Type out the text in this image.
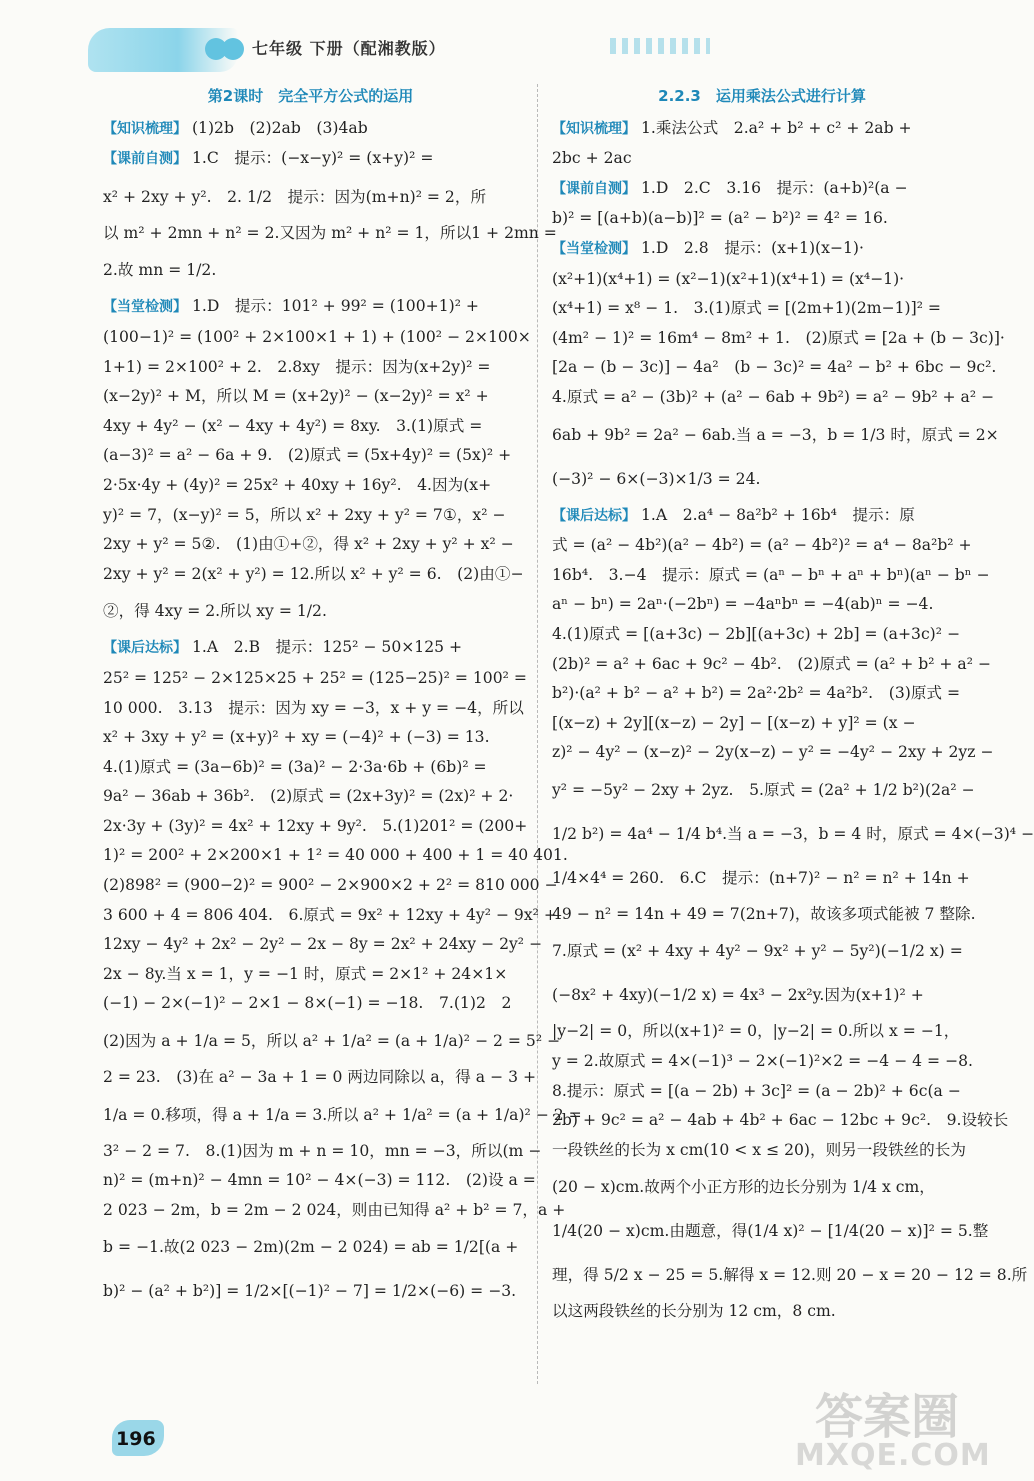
七年级 下册（配湘教版）
第2课时　完全平方公式的运用
【知识梳理】 (1)2b　(2)2ab　(3)4ab
【课前自测】 1.C　提示：(−x−y)² = (x+y)² =
x² + 2xy + y².　2. 1/2　提示：因为(m+n)² = 2，所
以 m² + 2mn + n² = 2.又因为 m² + n² = 1，所以1 + 2mn =
2.故 mn = 1/2.
【当堂检测】 1.D　提示：101² + 99² = (100+1)² +
(100−1)² = (100² + 2×100×1 + 1) + (100² − 2×100×
1+1) = 2×100² + 2.　2.8xy　提示：因为(x+2y)² =
(x−2y)² + M，所以 M = (x+2y)² − (x−2y)² = x² +
4xy + 4y² − (x² − 4xy + 4y²) = 8xy.　3.(1)原式 =
(a−3)² = a² − 6a + 9.　(2)原式 = (5x+4y)² = (5x)² +
2·5x·4y + (4y)² = 25x² + 40xy + 16y².　4.因为(x+
y)² = 7，(x−y)² = 5，所以 x² + 2xy + y² = 7①，x² −
2xy + y² = 5②.　(1)由①+②，得 x² + 2xy + y² + x² −
2xy + y² = 2(x² + y²) = 12.所以 x² + y² = 6.　(2)由①−
②，得 4xy = 2.所以 xy = 1/2.
【课后达标】 1.A　2.B　提示：125² − 50×125 +
25² = 125² − 2×125×25 + 25² = (125−25)² = 100² =
10 000.　3.13　提示：因为 xy = −3，x + y = −4，所以
x² + 3xy + y² = (x+y)² + xy = (−4)² + (−3) = 13.
4.(1)原式 = (3a−6b)² = (3a)² − 2·3a·6b + (6b)² =
9a² − 36ab + 36b².　(2)原式 = (2x+3y)² = (2x)² + 2·
2x·3y + (3y)² = 4x² + 12xy + 9y².　5.(1)201² = (200+
1)² = 200² + 2×200×1 + 1² = 40 000 + 400 + 1 = 40 401.
(2)898² = (900−2)² = 900² − 2×900×2 + 2² = 810 000 −
3 600 + 4 = 806 404.　6.原式 = 9x² + 12xy + 4y² − 9x² +
12xy − 4y² + 2x² − 2y² − 2x − 8y = 2x² + 24xy − 2y² −
2x − 8y.当 x = 1，y = −1 时，原式 = 2×1² + 24×1×
(−1) − 2×(−1)² − 2×1 − 8×(−1) = −18.　7.(1)2　2
(2)因为 a + 1/a = 5，所以 a² + 1/a² = (a + 1/a)² − 2 = 5² −
2 = 23.　(3)在 a² − 3a + 1 = 0 两边同除以 a，得 a − 3 +
1/a = 0.移项，得 a + 1/a = 3.所以 a² + 1/a² = (a + 1/a)² − 2 =
3² − 2 = 7.　8.(1)因为 m + n = 10，mn = −3，所以(m −
n)² = (m+n)² − 4mn = 10² − 4×(−3) = 112.　(2)设 a =
2 023 − 2m，b = 2m − 2 024，则由已知得 a² + b² = 7，a +
b = −1.故(2 023 − 2m)(2m − 2 024) = ab = 1/2[(a +
b)² − (a² + b²)] = 1/2×[(−1)² − 7] = 1/2×(−6) = −3.
2.2.3　运用乘法公式进行计算
【知识梳理】 1.乘法公式　2.a² + b² + c² + 2ab +
2bc + 2ac
【课前自测】 1.D　2.C　3.16　提示：(a+b)²(a −
b)² = [(a+b)(a−b)]² = (a² − b²)² = 4² = 16.
【当堂检测】 1.D　2.8　提示：(x+1)(x−1)·
(x²+1)(x⁴+1) = (x²−1)(x²+1)(x⁴+1) = (x⁴−1)·
(x⁴+1) = x⁸ − 1.　3.(1)原式 = [(2m+1)(2m−1)]² =
(4m² − 1)² = 16m⁴ − 8m² + 1.　(2)原式 = [2a + (b − 3c)]·
[2a − (b − 3c)] − 4a²　(b − 3c)² = 4a² − b² + 6bc − 9c².
4.原式 = a² − (3b)² + (a² − 6ab + 9b²) = a² − 9b² + a² −
6ab + 9b² = 2a² − 6ab.当 a = −3，b = 1/3 时，原式 = 2×
(−3)² − 6×(−3)×1/3 = 24.
【课后达标】 1.A　2.a⁴ − 8a²b² + 16b⁴　提示：原
式 = (a² − 4b²)(a² − 4b²) = (a² − 4b²)² = a⁴ − 8a²b² +
16b⁴.　3.−4　提示：原式 = (aⁿ − bⁿ + aⁿ + bⁿ)(aⁿ − bⁿ −
aⁿ − bⁿ) = 2aⁿ·(−2bⁿ) = −4aⁿbⁿ = −4(ab)ⁿ = −4.
4.(1)原式 = [(a+3c) − 2b][(a+3c) + 2b] = (a+3c)² −
(2b)² = a² + 6ac + 9c² − 4b².　(2)原式 = (a² + b² + a² −
b²)·(a² + b² − a² + b²) = 2a²·2b² = 4a²b².　(3)原式 =
[(x−z) + 2y][(x−z) − 2y] − [(x−z) + y]² = (x −
z)² − 4y² − (x−z)² − 2y(x−z) − y² = −4y² − 2xy + 2yz −
y² = −5y² − 2xy + 2yz.　5.原式 = (2a² + 1/2 b²)(2a² −
1/2 b²) = 4a⁴ − 1/4 b⁴.当 a = −3，b = 4 时，原式 = 4×(−3)⁴ −
1/4×4⁴ = 260.　6.C　提示：(n+7)² − n² = n² + 14n +
49 − n² = 14n + 49 = 7(2n+7)，故该多项式能被 7 整除.
7.原式 = (x² + 4xy + 4y² − 9x² + y² − 5y²)(−1/2 x) =
(−8x² + 4xy)(−1/2 x) = 4x³ − 2x²y.因为(x+1)² +
|y−2| = 0，所以(x+1)² = 0，|y−2| = 0.所以 x = −1，
y = 2.故原式 = 4×(−1)³ − 2×(−1)²×2 = −4 − 4 = −8.
8.提示：原式 = [(a − 2b) + 3c]² = (a − 2b)² + 6c(a −
2b) + 9c² = a² − 4ab + 4b² + 6ac − 12bc + 9c².　9.设较长
一段铁丝的长为 x cm(10 < x ≤ 20)，则另一段铁丝的长为
(20 − x)cm.故两个小正方形的边长分别为 1/4 x cm，
1/4(20 − x)cm.由题意，得(1/4 x)² − [1/4(20 − x)]² = 5.整
理，得 5/2 x − 25 = 5.解得 x = 12.则 20 − x = 20 − 12 = 8.所
以这两段铁丝的长分别为 12 cm，8 cm.
196	答案圈
MXQE.COM
